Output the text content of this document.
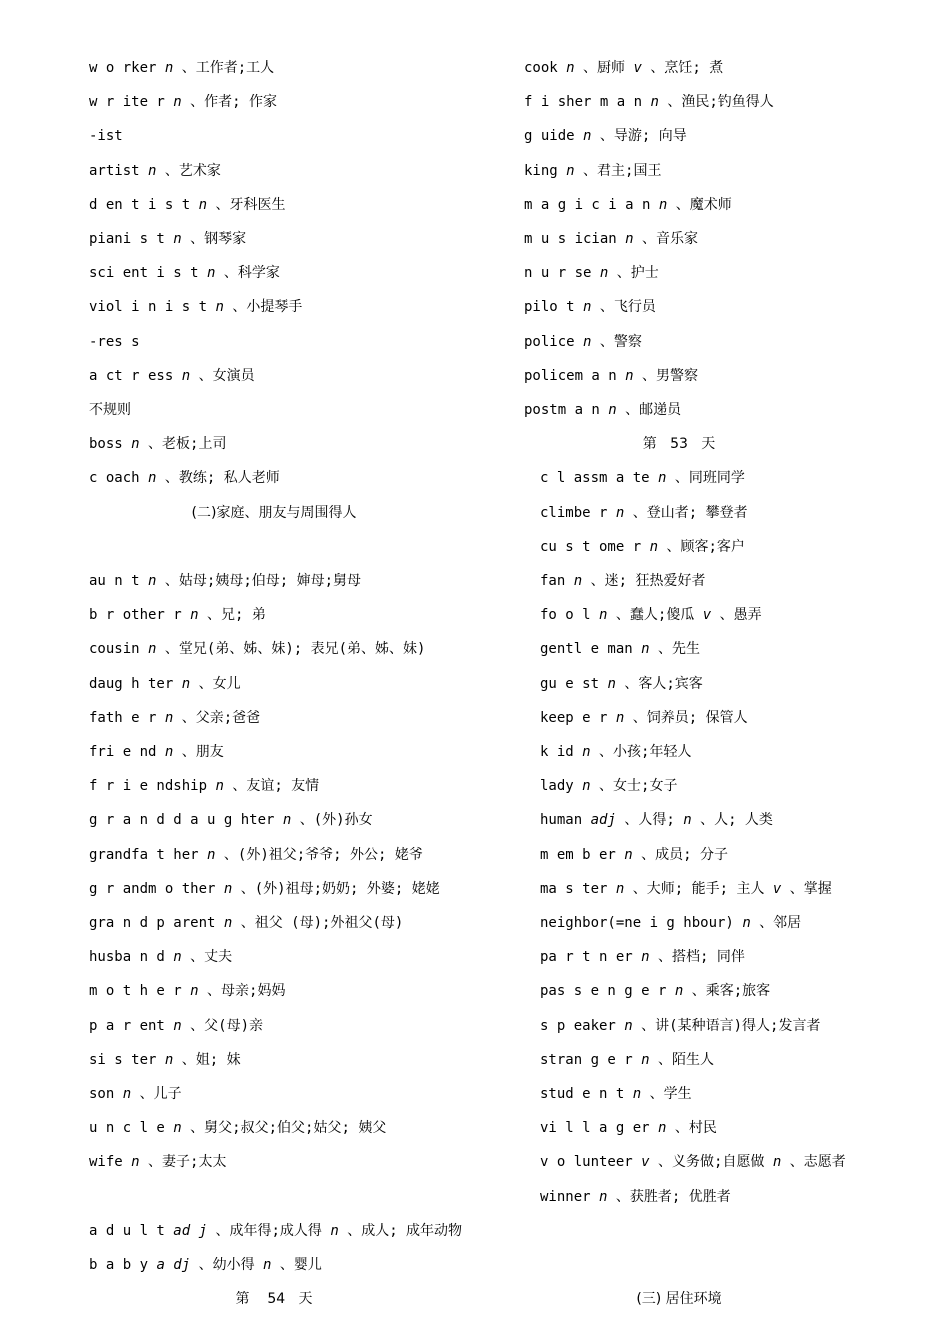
w o rker n 、工作者;工人
w r ite r n 、作者; 作家
-ist
artist n 、艺术家
d en t i s t n 、牙科医生
piani s t n 、钢琴家
sci ent i s t n 、科学家
viol i n i s t n 、小提琴手
-res s
a ct r ess n 、女演员
不规则
boss n 、老板;上司
c oach n 、教练; 私人老师
(二)家庭、朋友与周围得人
au n t n 、姑母;姨母;伯母; 婶母;舅母
b r other r n 、兄; 弟
cousin n 、堂兄(弟、姊、妹); 表兄(弟、姊、妹)
daug h ter n 、女儿
fath e r n 、父亲;爸爸
fri e nd n 、朋友
f r i e ndship n 、友谊; 友情
g r a n d d a u g hter n 、(外)孙女
grandfa t her n 、(外)祖父;爷爷; 外公; 姥爷
g r andm o ther n 、(外)祖母;奶奶; 外婆; 姥姥
gra n d p arent n 、祖父 (母);外祖父(母)
husba n d n 、丈夫
m o t h e r n 、母亲;妈妈
p a r ent n 、父(母)亲
si s ter n 、姐; 妹
son n 、儿子
u n c l e n 、舅父;叔父;伯父;姑父; 姨父
wife n 、妻子;太太
a d u l t ad j 、成年得;成人得 n 、成人; 成年动物
b a b y a dj 、幼小得 n 、婴儿
第    54   天
cook n 、厨师 v 、烹饪; 煮
f i sher m a n n 、渔民;钓鱼得人
g uide n 、导游; 向导
king n 、君主;国王
m a g i c i a n n 、魔术师
m u s ician n 、音乐家
n u r se n 、护士
pilo t n 、飞行员
police n 、警察
policem a n n 、男警察
postm a n n 、邮递员
第   53   天
c l assm a te n 、同班同学
climbe r n 、登山者; 攀登者
cu s t ome r n 、顾客;客户
fan n 、迷; 狂热爱好者
fo o l n 、蠢人;傻瓜 v 、愚弄
gentl e man n 、先生
gu e st n 、客人;宾客
keep e r n 、饲养员; 保管人
k id n 、小孩;年轻人
lady n 、女士;女子
human adj 、人得; n 、人; 人类
m em b er n 、成员; 分子
ma s ter n 、大师; 能手; 主人 v 、掌握
neighbor(=ne i g hbour) n 、邻居
pa r t n er n 、搭档; 同伴
pas s e n g e r n 、乘客;旅客
s p eaker n 、讲(某种语言)得人;发言者
stran g e r n 、陌生人
stud e n t n 、学生
vi l l a g er n 、村民
v o lunteer v 、义务做;自愿做 n 、志愿者
winner n 、获胜者; 优胜者
(三) 居住环境
